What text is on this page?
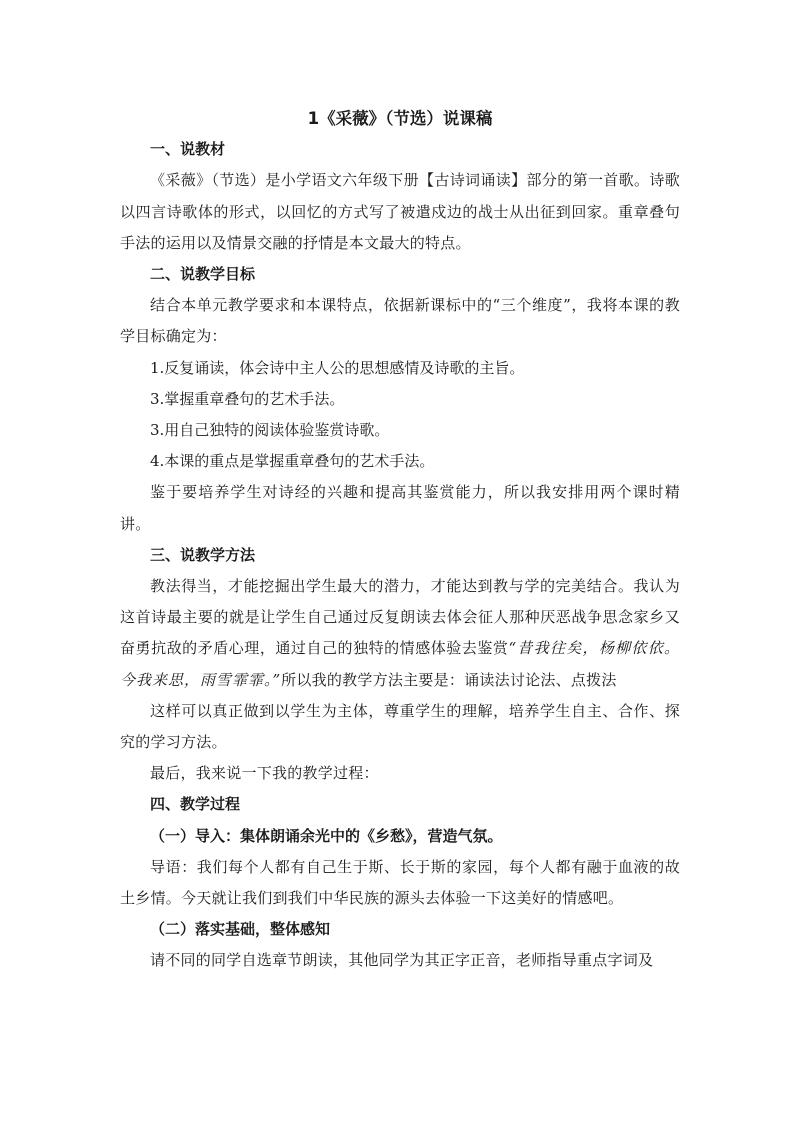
1《采薇》（节选）说课稿

一、说教材

《采薇》（节选）是小学语文六年级下册【古诗词诵读】部分的第一首歌。诗歌以四言诗歌体的形式，以回忆的方式写了被遣戍边的战士从出征到回家。重章叠句手法的运用以及情景交融的抒情是本文最大的特点。

二、说教学目标

结合本单元教学要求和本课特点，依据新课标中的“三个维度”，我将本课的教学目标确定为：

1.反复诵读，体会诗中主人公的思想感情及诗歌的主旨。

3.掌握重章叠句的艺术手法。

3.用自己独特的阅读体验鉴赏诗歌。

4.本课的重点是掌握重章叠句的艺术手法。

鉴于要培养学生对诗经的兴趣和提高其鉴赏能力，所以我安排用两个课时精讲。

三、说教学方法

教法得当，才能挖掘出学生最大的潜力，才能达到教与学的完美结合。我认为这首诗最主要的就是让学生自己通过反复朗读去体会征人那种厌恶战争思念家乡又奋勇抗敌的矛盾心理，通过自己的独特的情感体验去鉴赏“昔我往矣，杨柳依依。今我来思，雨雪霏霏。”所以我的教学方法主要是：诵读法讨论法、点拨法

这样可以真正做到以学生为主体，尊重学生的理解，培养学生自主、合作、探究的学习方法。

最后，我来说一下我的教学过程：

四、教学过程

（一）导入：集体朗诵余光中的《乡愁》，营造气氛。

导语：我们每个人都有自己生于斯、长于斯的家园，每个人都有融于血液的故土乡情。今天就让我们到我们中华民族的源头去体验一下这美好的情感吧。

（二）落实基础，整体感知

请不同的同学自选章节朗读，其他同学为其正字正音，老师指导重点字词及
